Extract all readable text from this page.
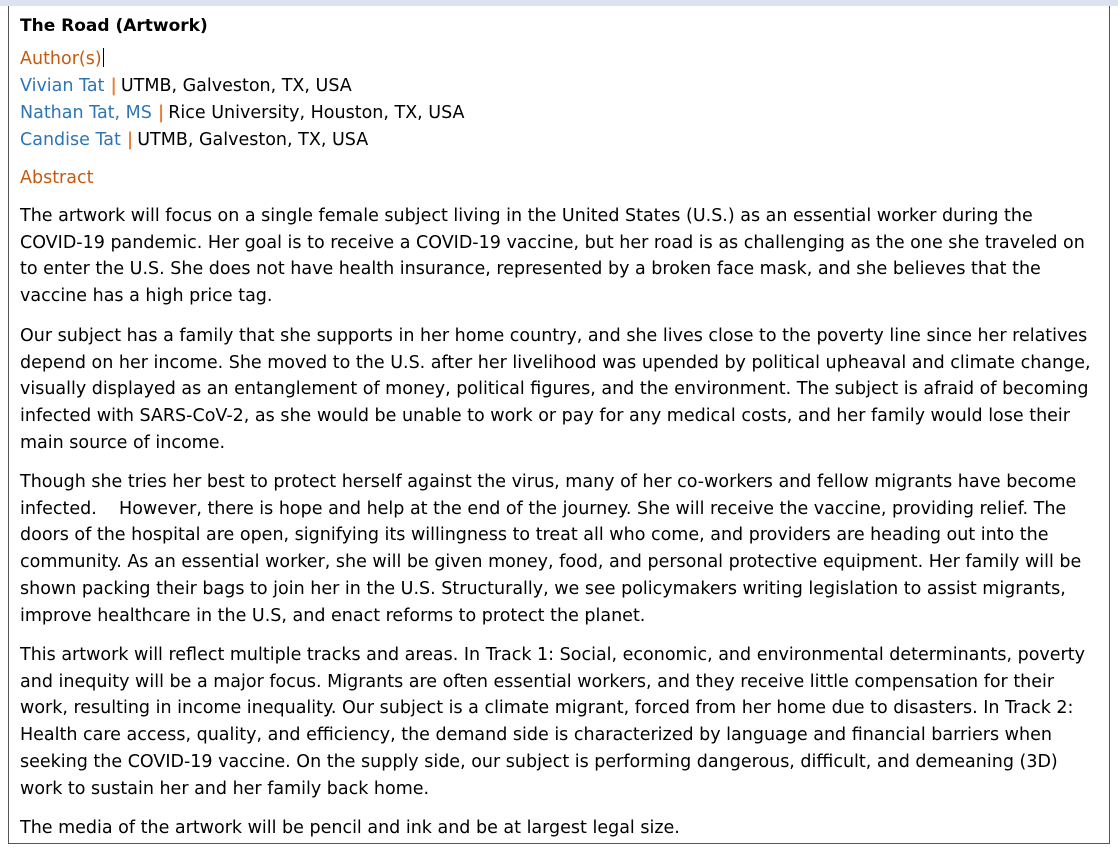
The Road (Artwork)
Author(s)
Vivian Tat | UTMB, Galveston, TX, USA
Nathan Tat, MS | Rice University, Houston, TX, USA
Candise Tat | UTMB, Galveston, TX, USA
Abstract

The artwork will focus on a single female subject living in the United States (U.S.) as an essential worker during the COVID-19 pandemic. Her goal is to receive a COVID-19 vaccine, but her road is as challenging as the one she traveled on to enter the U.S. She does not have health insurance, represented by a broken face mask, and she believes that the vaccine has a high price tag.

Our subject has a family that she supports in her home country, and she lives close to the poverty line since her relatives depend on her income. She moved to the U.S. after her livelihood was upended by political upheaval and climate change, visually displayed as an entanglement of money, political figures, and the environment. The subject is afraid of becoming infected with SARS-CoV-2, as she would be unable to work or pay for any medical costs, and her family would lose their main source of income.

Though she tries her best to protect herself against the virus, many of her co-workers and fellow migrants have become infected.    However, there is hope and help at the end of the journey. She will receive the vaccine, providing relief. The doors of the hospital are open, signifying its willingness to treat all who come, and providers are heading out into the community. As an essential worker, she will be given money, food, and personal protective equipment. Her family will be shown packing their bags to join her in the U.S. Structurally, we see policymakers writing legislation to assist migrants, improve healthcare in the U.S, and enact reforms to protect the planet.

This artwork will reflect multiple tracks and areas. In Track 1: Social, economic, and environmental determinants, poverty and inequity will be a major focus. Migrants are often essential workers, and they receive little compensation for their work, resulting in income inequality. Our subject is a climate migrant, forced from her home due to disasters. In Track 2: Health care access, quality, and efficiency, the demand side is characterized by language and financial barriers when seeking the COVID-19 vaccine. On the supply side, our subject is performing dangerous, difficult, and demeaning (3D) work to sustain her and her family back home.

The media of the artwork will be pencil and ink and be at largest legal size.
